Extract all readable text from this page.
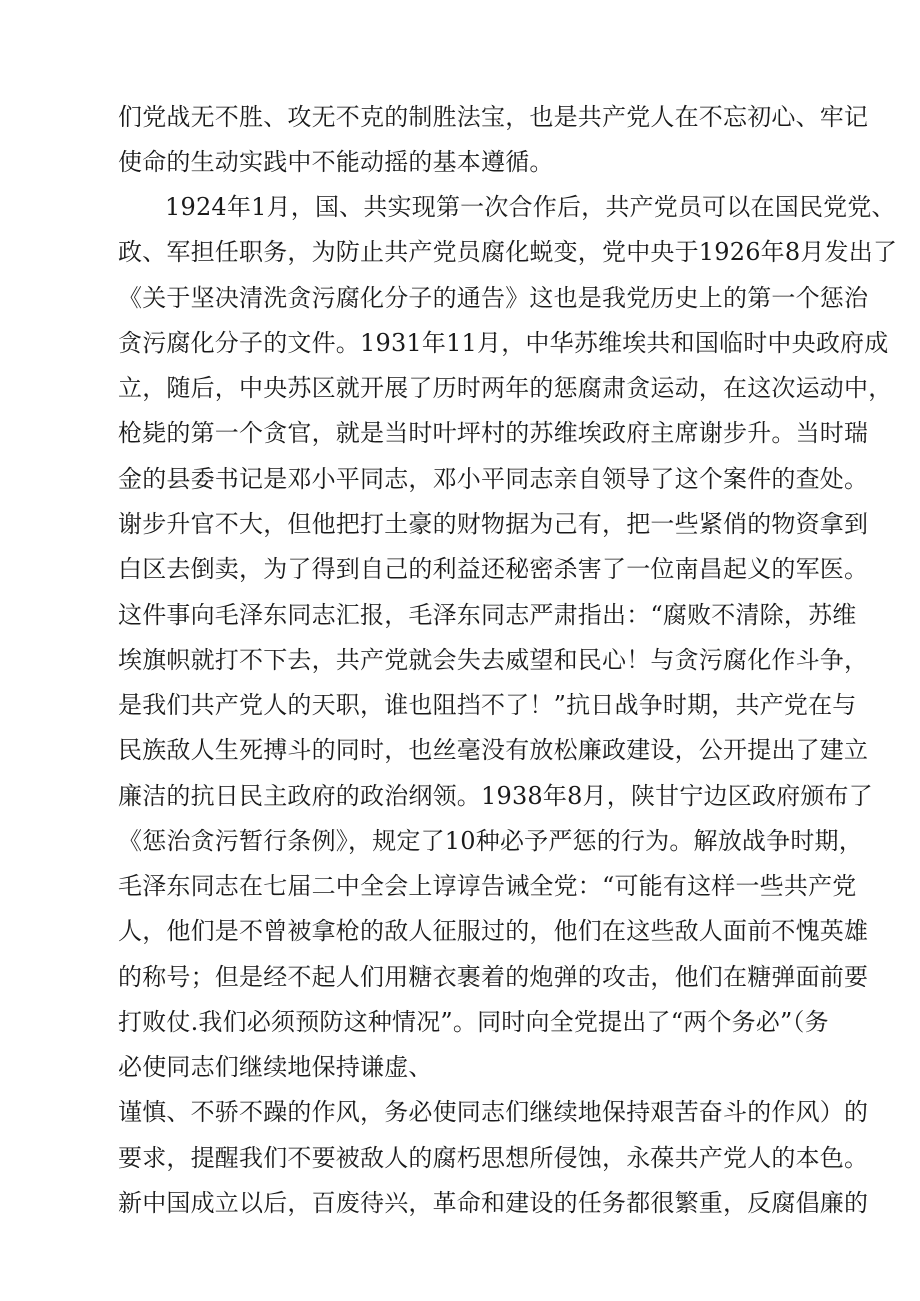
们党战无不胜、攻无不克的制胜法宝，也是共产党人在不忘初心、牢记
使命的生动实践中不能动摇的基本遵循。
1924年1月，国、共实现第一次合作后，共产党员可以在国民党党、
政、军担任职务，为防止共产党员腐化蜕变，党中央于1926年8月发出了
《关于坚决清洗贪污腐化分子的通告》这也是我党历史上的第一个惩治
贪污腐化分子的文件。1931年11月，中华苏维埃共和国临时中央政府成
立，随后，中央苏区就开展了历时两年的惩腐肃贪运动，在这次运动中，
枪毙的第一个贪官，就是当时叶坪村的苏维埃政府主席谢步升。当时瑞
金的县委书记是邓小平同志，邓小平同志亲自领导了这个案件的查处。
谢步升官不大，但他把打土豪的财物据为己有，把一些紧俏的物资拿到
白区去倒卖，为了得到自己的利益还秘密杀害了一位南昌起义的军医。
这件事向毛泽东同志汇报，毛泽东同志严肃指出：“腐败不清除，苏维
埃旗帜就打不下去，共产党就会失去威望和民心！与贪污腐化作斗争，
是我们共产党人的天职，谁也阻挡不了！”抗日战争时期，共产党在与
民族敌人生死搏斗的同时，也丝毫没有放松廉政建设，公开提出了建立
廉洁的抗日民主政府的政治纲领。1938年8月，陕甘宁边区政府颁布了
《惩治贪污暂行条例》，规定了10种必予严惩的行为。解放战争时期，
毛泽东同志在七届二中全会上谆谆告诫全党：“可能有这样一些共产党
人，他们是不曾被拿枪的敌人征服过的，他们在这些敌人面前不愧英雄
的称号；但是经不起人们用糖衣裹着的炮弹的攻击，他们在糖弹面前要
打败仗.我们必须预防这种情况”。同时向全党提出了“两个务必”（务
必使同志们继续地保持谦虚、
谨慎、不骄不躁的作风，务必使同志们继续地保持艰苦奋斗的作风）的
要求，提醒我们不要被敌人的腐朽思想所侵蚀，永葆共产党人的本色。
新中国成立以后，百废待兴，革命和建设的任务都很繁重，反腐倡廉的
